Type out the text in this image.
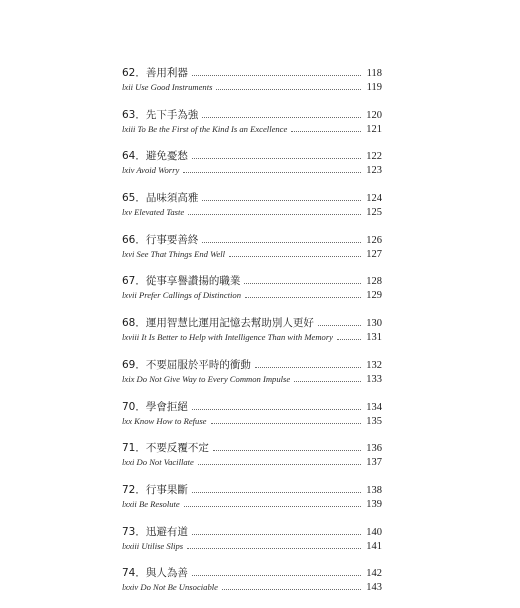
62．善用利器	118
lxii Use Good Instruments	119
63．先下手為強	120
lxiii To Be the First of the Kind Is an Excellence	121
64．避免憂愁	122
lxiv Avoid Worry	123
65．品味須高雅	124
lxv Elevated Taste	125
66．行事要善終	126
lxvi See That Things End Well	127
67．從事享譽讚揚的職業	128
lxvii Prefer Callings of Distinction	129
68．運用智慧比運用記憶去幫助別人更好	130
lxviii It Is Better to Help with Intelligence Than with Memory	131
69．不要屈服於平時的衝動	132
lxix Do Not Give Way to Every Common Impulse	133
70．學會拒絕	134
lxx Know How to Refuse	135
71．不要反覆不定	136
lxxi Do Not Vacillate	137
72．行事果斷	138
lxxii Be Resolute	139
73．迅避有道	140
lxxiii Utilise Slips	141
74．與人為善	142
lxxiv Do Not Be Unsociable	143
